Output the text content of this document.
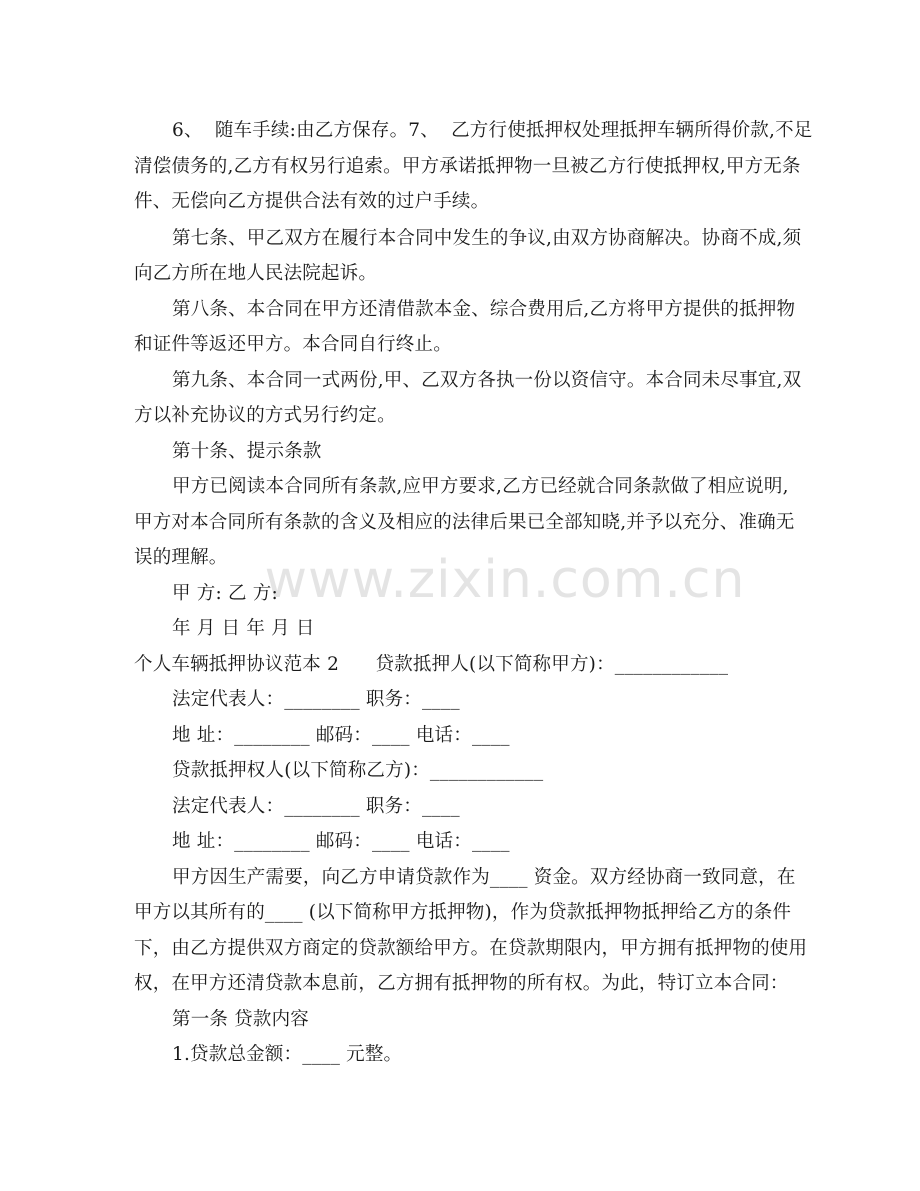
www.zixin.com.cn
6、  随车手续:由乙方保存。7、  乙方行使抵押权处理抵押车辆所得价款,不足
清偿债务的,乙方有权另行追索。甲方承诺抵押物一旦被乙方行使抵押权,甲方无条
件、无偿向乙方提供合法有效的过户手续。
第七条、甲乙双方在履行本合同中发生的争议,由双方协商解决。协商不成,须
向乙方所在地人民法院起诉。
第八条、本合同在甲方还清借款本金、综合费用后,乙方将甲方提供的抵押物
和证件等返还甲方。本合同自行终止。
第九条、本合同一式两份,甲、乙双方各执一份以资信守。本合同未尽事宜,双
方以补充协议的方式另行约定。
第十条、提示条款
甲方已阅读本合同所有条款,应甲方要求,乙方已经就合同条款做了相应说明,
甲方对本合同所有条款的含义及相应的法律后果已全部知晓,并予以充分、准确无
误的理解。
甲 方: 乙 方:
年 月 日 年 月 日
个人车辆抵押协议范本 2      贷款抵押人(以下简称甲方)：____________
法定代表人：________ 职务：____
地 址：________ 邮码：____ 电话：____
贷款抵押权人(以下简称乙方)：____________
法定代表人：________ 职务：____
地 址：________ 邮码：____ 电话：____
甲方因生产需要，向乙方申请贷款作为____ 资金。双方经协商一致同意，在
甲方以其所有的____ (以下简称甲方抵押物)，作为贷款抵押物抵押给乙方的条件
下，由乙方提供双方商定的贷款额给甲方。在贷款期限内，甲方拥有抵押物的使用
权，在甲方还清贷款本息前，乙方拥有抵押物的所有权。为此，特订立本合同：
第一条 贷款内容
1.贷款总金额：____ 元整。
